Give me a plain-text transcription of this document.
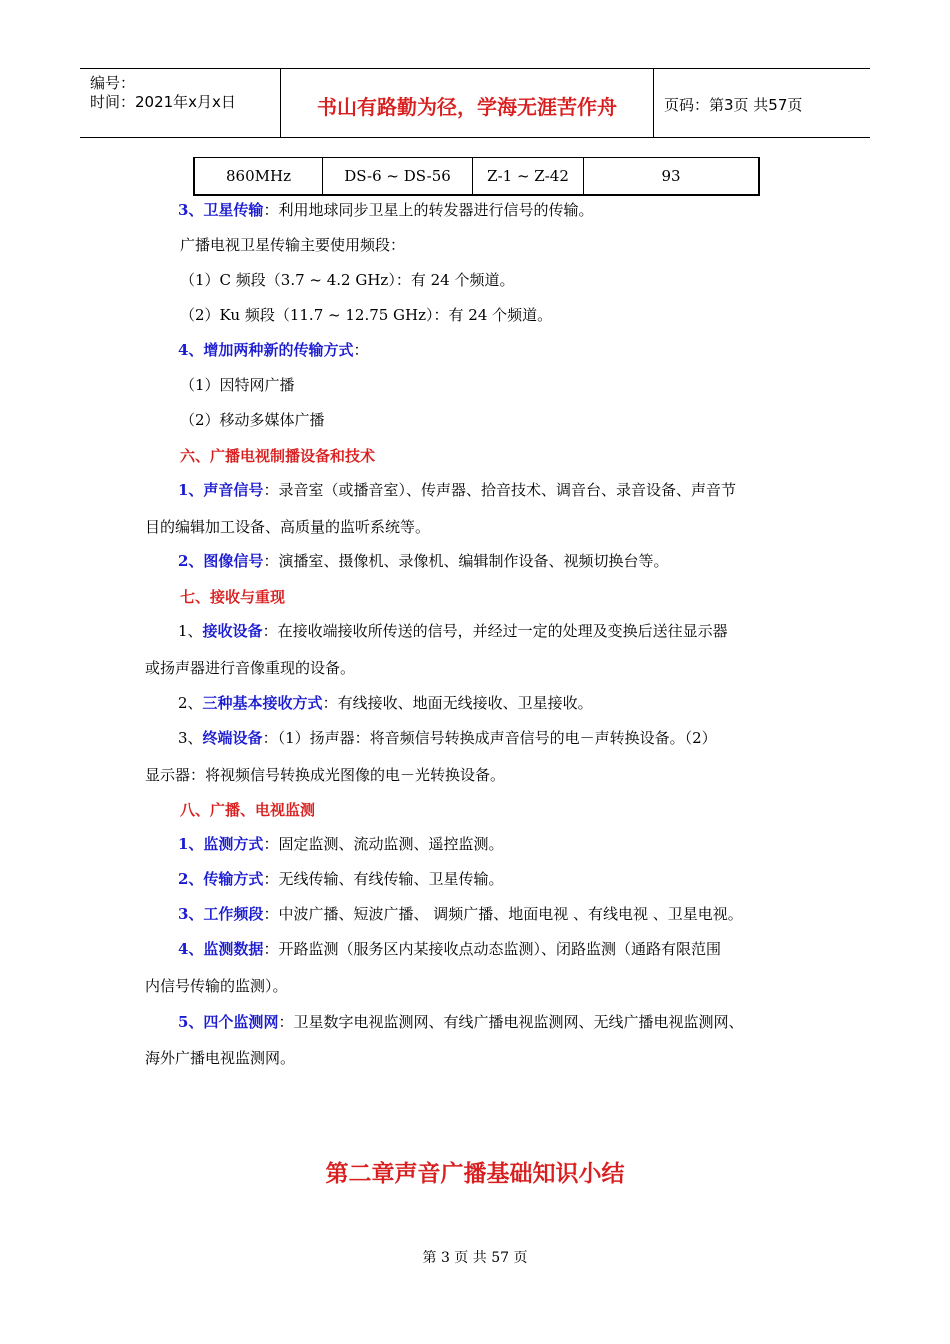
编号：
时间：2021年x月x日	书山有路勤为径，学海无涯苦作舟	页码：第3页 共57页
860MHz	DS-6 ~ DS-56	Z-1 ~ Z-42	93
3、卫星传输：利用地球同步卫星上的转发器进行信号的传输。
广播电视卫星传输主要使用频段：
（1）C 频段（3.7 ~ 4.2 GHz）：有 24 个频道。
（2）Ku 频段（11.7 ~ 12.75 GHz）：有 24 个频道。
4、增加两种新的传输方式：
（1）因特网广播
（2）移动多媒体广播
六、广播电视制播设备和技术
1、声音信号：录音室（或播音室）、传声器、拾音技术、调音台、录音设备、声音节
目的编辑加工设备、高质量的监听系统等。
2、图像信号：演播室、摄像机、录像机、编辑制作设备、视频切换台等。
七、接收与重现
1、接收设备：在接收端接收所传送的信号，并经过一定的处理及变换后送往显示器
或扬声器进行音像重现的设备。
2、三种基本接收方式：有线接收、地面无线接收、卫星接收。
3、终端设备：（1）扬声器：将音频信号转换成声音信号的电－声转换设备。（2）
显示器：将视频信号转换成光图像的电－光转换设备。
八、广播、电视监测
1、监测方式：固定监测、流动监测、遥控监测。
2、传输方式：无线传输、有线传输、卫星传输。
3、工作频段：中波广播、短波广播、 调频广播、地面电视 、有线电视 、卫星电视。
4、监测数据：开路监测（服务区内某接收点动态监测）、闭路监测（通路有限范围
内信号传输的监测）。
5、四个监测网：卫星数字电视监测网、有线广播电视监测网、无线广播电视监测网、
海外广播电视监测网。
第二章声音广播基础知识小结
第 3 页 共 57 页
